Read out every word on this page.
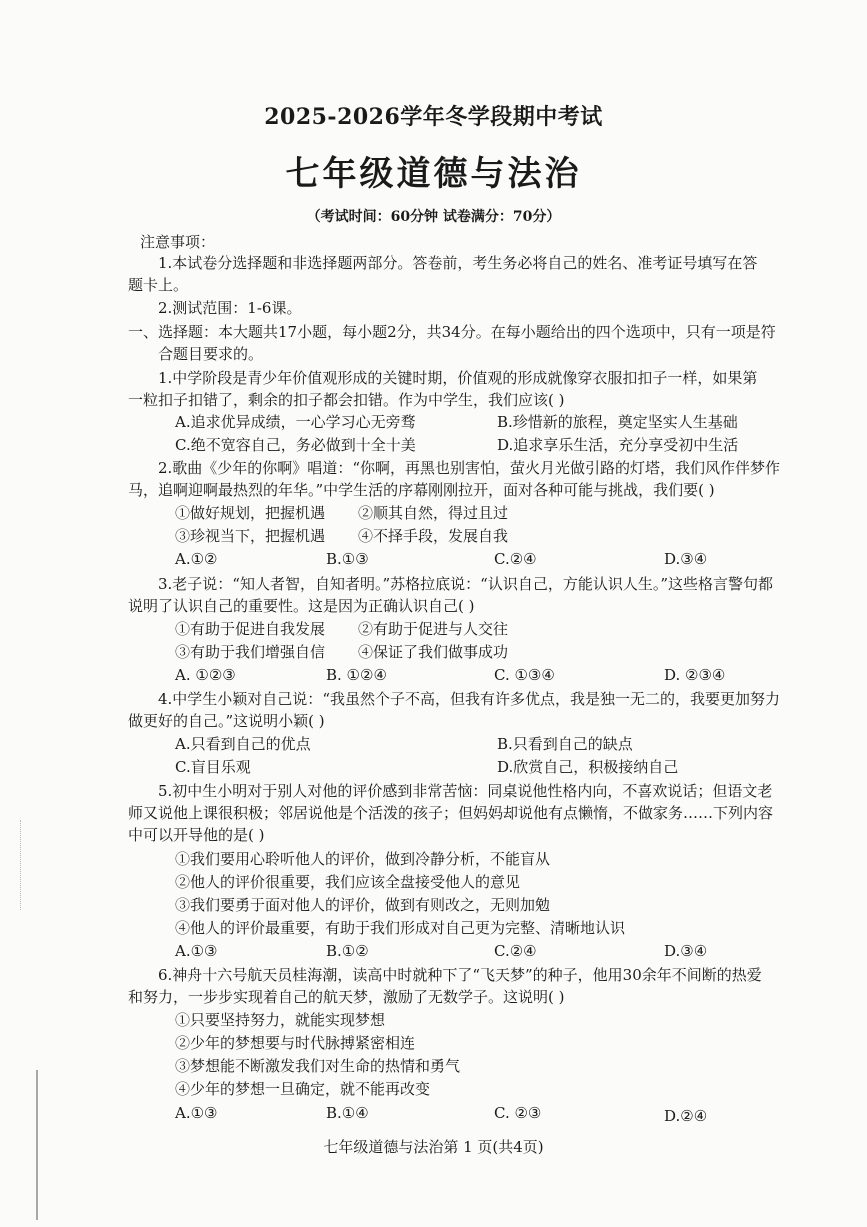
2025-2026学年冬学段期中考试
七年级道德与法治
（考试时间：60分钟 试卷满分：70分）
注意事项：
1.本试卷分选择题和非选择题两部分。答卷前，考生务必将自己的姓名、准考证号填写在答
题卡上。
2.测试范围：1-6课。
一、选择题：本大题共17小题，每小题2分，共34分。在每小题给出的四个选项中，只有一项是符
合题目要求的。
1.中学阶段是青少年价值观形成的关键时期，价值观的形成就像穿衣服扣扣子一样，如果第
一粒扣子扣错了，剩余的扣子都会扣错。作为中学生，我们应该( )
A.追求优异成绩，一心学习心无旁骛	B.珍惜新的旅程，奠定坚实人生基础
C.绝不宽容自己，务必做到十全十美	D.追求享乐生活，充分享受初中生活
2.歌曲《少年的你啊》唱道：“你啊，再黑也别害怕，萤火月光做引路的灯塔，我们风作伴梦作
马，追啊迎啊最热烈的年华。”中学生活的序幕刚刚拉开，面对各种可能与挑战，我们要( )
①做好规划，把握机遇 ②顺其自然，得过且过
③珍视当下，把握机遇 ④不择手段，发展自我
A.①②	B.①③	C.②④	D.③④
3.老子说：“知人者智，自知者明。”苏格拉底说：“认识自己，方能认识人生。”这些格言警句都
说明了认识自己的重要性。这是因为正确认识自己( )
①有助于促进自我发展 ②有助于促进与人交往
③有助于我们增强自信 ④保证了我们做事成功
A. ①②③	B. ①②④	C. ①③④	D. ②③④
4.中学生小颖对自己说：“我虽然个子不高，但我有许多优点，我是独一无二的，我要更加努力
做更好的自己。”这说明小颖( )
A.只看到自己的优点	B.只看到自己的缺点
C.盲目乐观	D.欣赏自己，积极接纳自己
5.初中生小明对于别人对他的评价感到非常苦恼：同桌说他性格内向，不喜欢说话；但语文老
师又说他上课很积极；邻居说他是个活泼的孩子；但妈妈却说他有点懒惰，不做家务……下列内容
中可以开导他的是( )
①我们要用心聆听他人的评价，做到冷静分析，不能盲从
②他人的评价很重要，我们应该全盘接受他人的意见
③我们要勇于面对他人的评价，做到有则改之，无则加勉
④他人的评价最重要，有助于我们形成对自己更为完整、清晰地认识
A.①③	B.①②	C.②④	D.③④
6.神舟十六号航天员桂海潮，读高中时就种下了“飞天梦”的种子，他用30余年不间断的热爱
和努力，一步步实现着自己的航天梦，激励了无数学子。这说明( )
①只要坚持努力，就能实现梦想
②少年的梦想要与时代脉搏紧密相连
③梦想能不断激发我们对生命的热情和勇气
④少年的梦想一旦确定，就不能再改变
A.①③	B.①④	C. ②③	D.②④
七年级道德与法治第 1 页(共4页)
